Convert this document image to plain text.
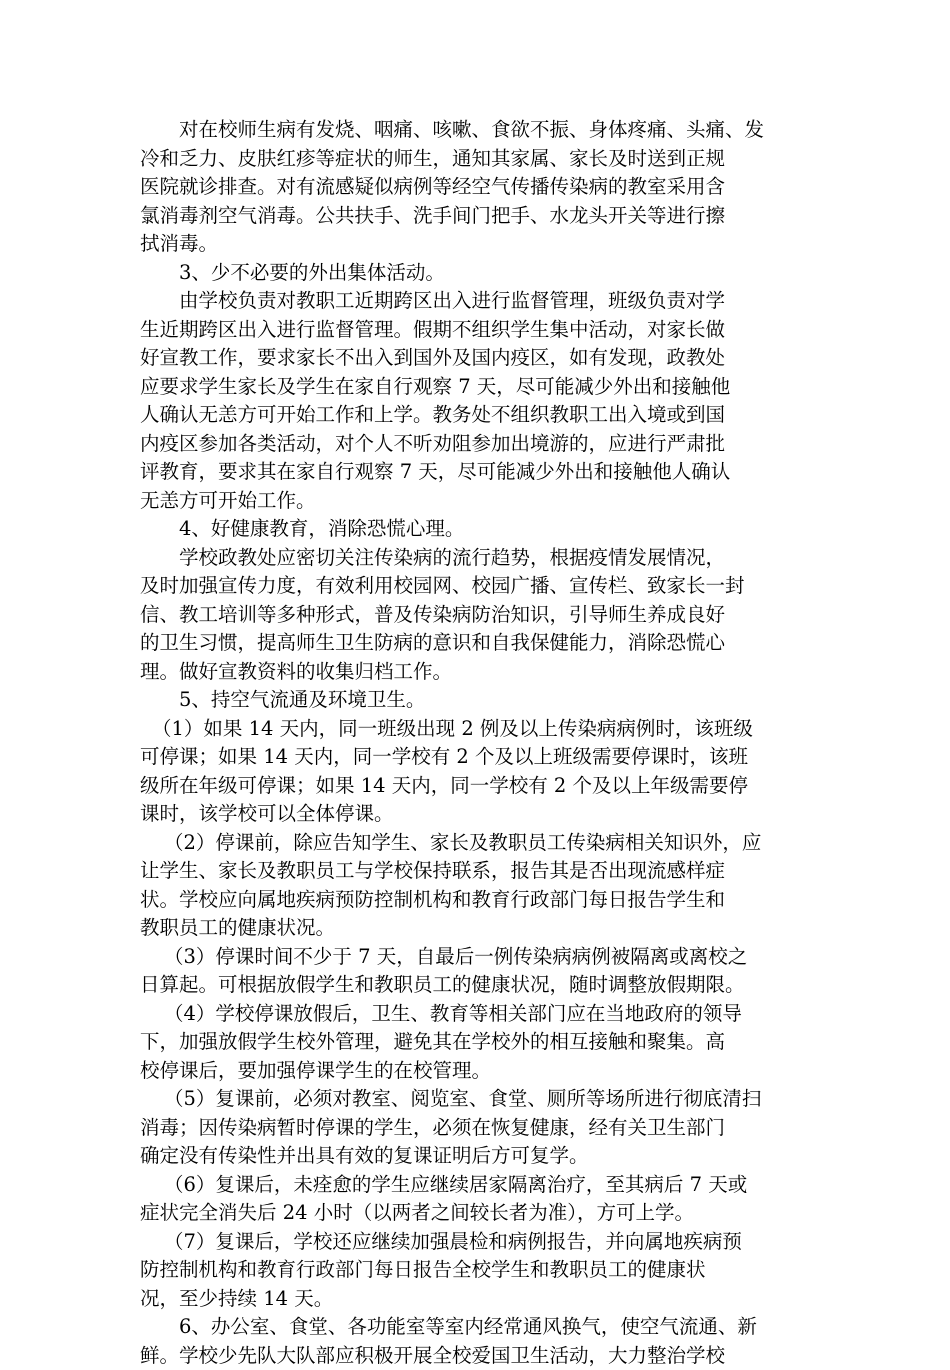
对在校师生病有发烧、咽痛、咳嗽、食欲不振、身体疼痛、头痛、发
冷和乏力、皮肤红疹等症状的师生，通知其家属、家长及时送到正规
医院就诊排查。对有流感疑似病例等经空气传播传染病的教室采用含
氯消毒剂空气消毒。公共扶手、洗手间门把手、水龙头开关等进行擦
拭消毒。
3、少不必要的外出集体活动。
由学校负责对教职工近期跨区出入进行监督管理，班级负责对学
生近期跨区出入进行监督管理。假期不组织学生集中活动，对家长做
好宣教工作，要求家长不出入到国外及国内疫区，如有发现，政教处
应要求学生家长及学生在家自行观察 7 天，尽可能减少外出和接触他
人确认无恙方可开始工作和上学。教务处不组织教职工出入境或到国
内疫区参加各类活动，对个人不听劝阻参加出境游的，应进行严肃批
评教育，要求其在家自行观察 7 天，尽可能减少外出和接触他人确认
无恙方可开始工作。
4、好健康教育，消除恐慌心理。
学校政教处应密切关注传染病的流行趋势，根据疫情发展情况，
及时加强宣传力度，有效利用校园网、校园广播、宣传栏、致家长一封
信、教工培训等多种形式，普及传染病防治知识，引导师生养成良好
的卫生习惯，提高师生卫生防病的意识和自我保健能力，消除恐慌心
理。做好宣教资料的收集归档工作。
5、持空气流通及环境卫生。
（1）如果 14 天内，同一班级出现 2 例及以上传染病病例时，该班级
可停课；如果 14 天内，同一学校有 2 个及以上班级需要停课时，该班
级所在年级可停课；如果 14 天内，同一学校有 2 个及以上年级需要停
课时，该学校可以全体停课。
（2）停课前，除应告知学生、家长及教职员工传染病相关知识外，应
让学生、家长及教职员工与学校保持联系，报告其是否出现流感样症
状。学校应向属地疾病预防控制机构和教育行政部门每日报告学生和
教职员工的健康状况。
（3）停课时间不少于 7 天，自最后一例传染病病例被隔离或离校之
日算起。可根据放假学生和教职员工的健康状况，随时调整放假期限。
（4）学校停课放假后，卫生、教育等相关部门应在当地政府的领导
下，加强放假学生校外管理，避免其在学校外的相互接触和聚集。高
校停课后，要加强停课学生的在校管理。
（5）复课前，必须对教室、阅览室、食堂、厕所等场所进行彻底清扫
消毒；因传染病暂时停课的学生，必须在恢复健康，经有关卫生部门
确定没有传染性并出具有效的复课证明后方可复学。
（6）复课后，未痊愈的学生应继续居家隔离治疗，至其病后 7 天或
症状完全消失后 24 小时（以两者之间较长者为准），方可上学。
（7）复课后，学校还应继续加强晨检和病例报告，并向属地疾病预
防控制机构和教育行政部门每日报告全校学生和教职员工的健康状
况，至少持续 14 天。
6、办公室、食堂、各功能室等室内经常通风换气，使空气流通、新
鲜。学校少先队大队部应积极开展全校爱国卫生活动，大力整治学校
